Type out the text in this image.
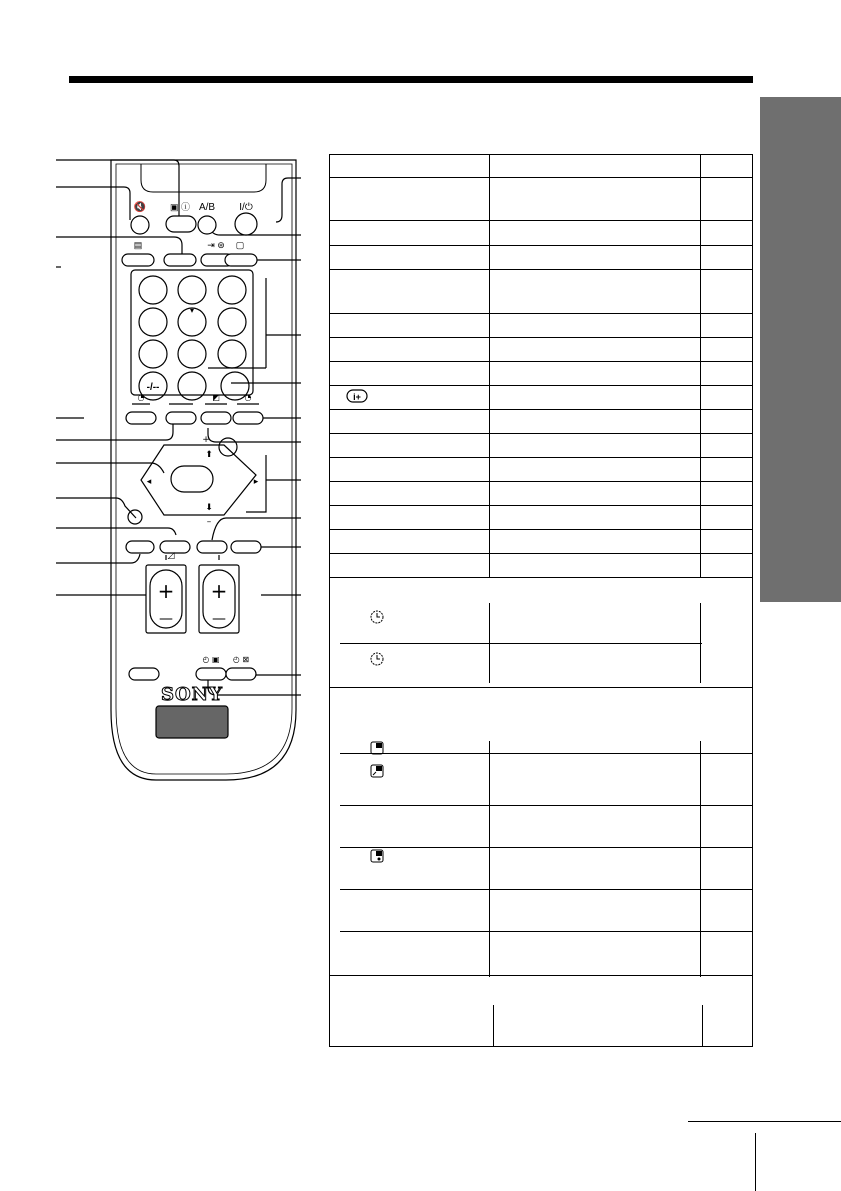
🔇	▣ ⓘ A/B I/⏻
▤	⇥ ⊛ ▢
-/--
▾
◔	◩	◔
+
⬆
⬇
–
◂	▸
+
—
+
—
◿
◴ ▣ ◴ ⊠
SONY
i+
